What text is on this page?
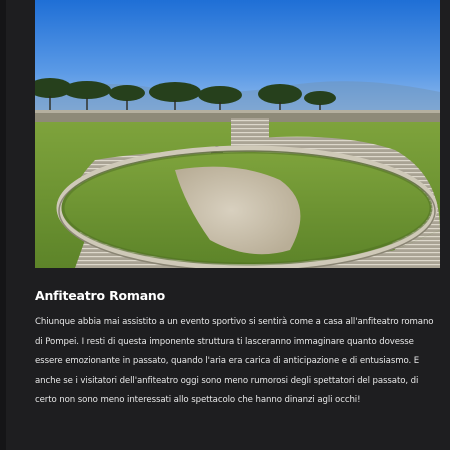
Anfiteatro Romano

Chiunque abbia mai assistito a un evento sportivo si sentirà come a casa all'anfiteatro romano di Pompei. I resti di questa imponente struttura ti lasceranno immaginare quanto dovesse essere emozionante in passato, quando l'aria era carica di anticipazione e di entusiasmo. E anche se i visitatori dell'anfiteatro oggi sono meno rumorosi degli spettatori del passato, di certo non sono meno interessati allo spettacolo che hanno dinanzi agli occhi!
